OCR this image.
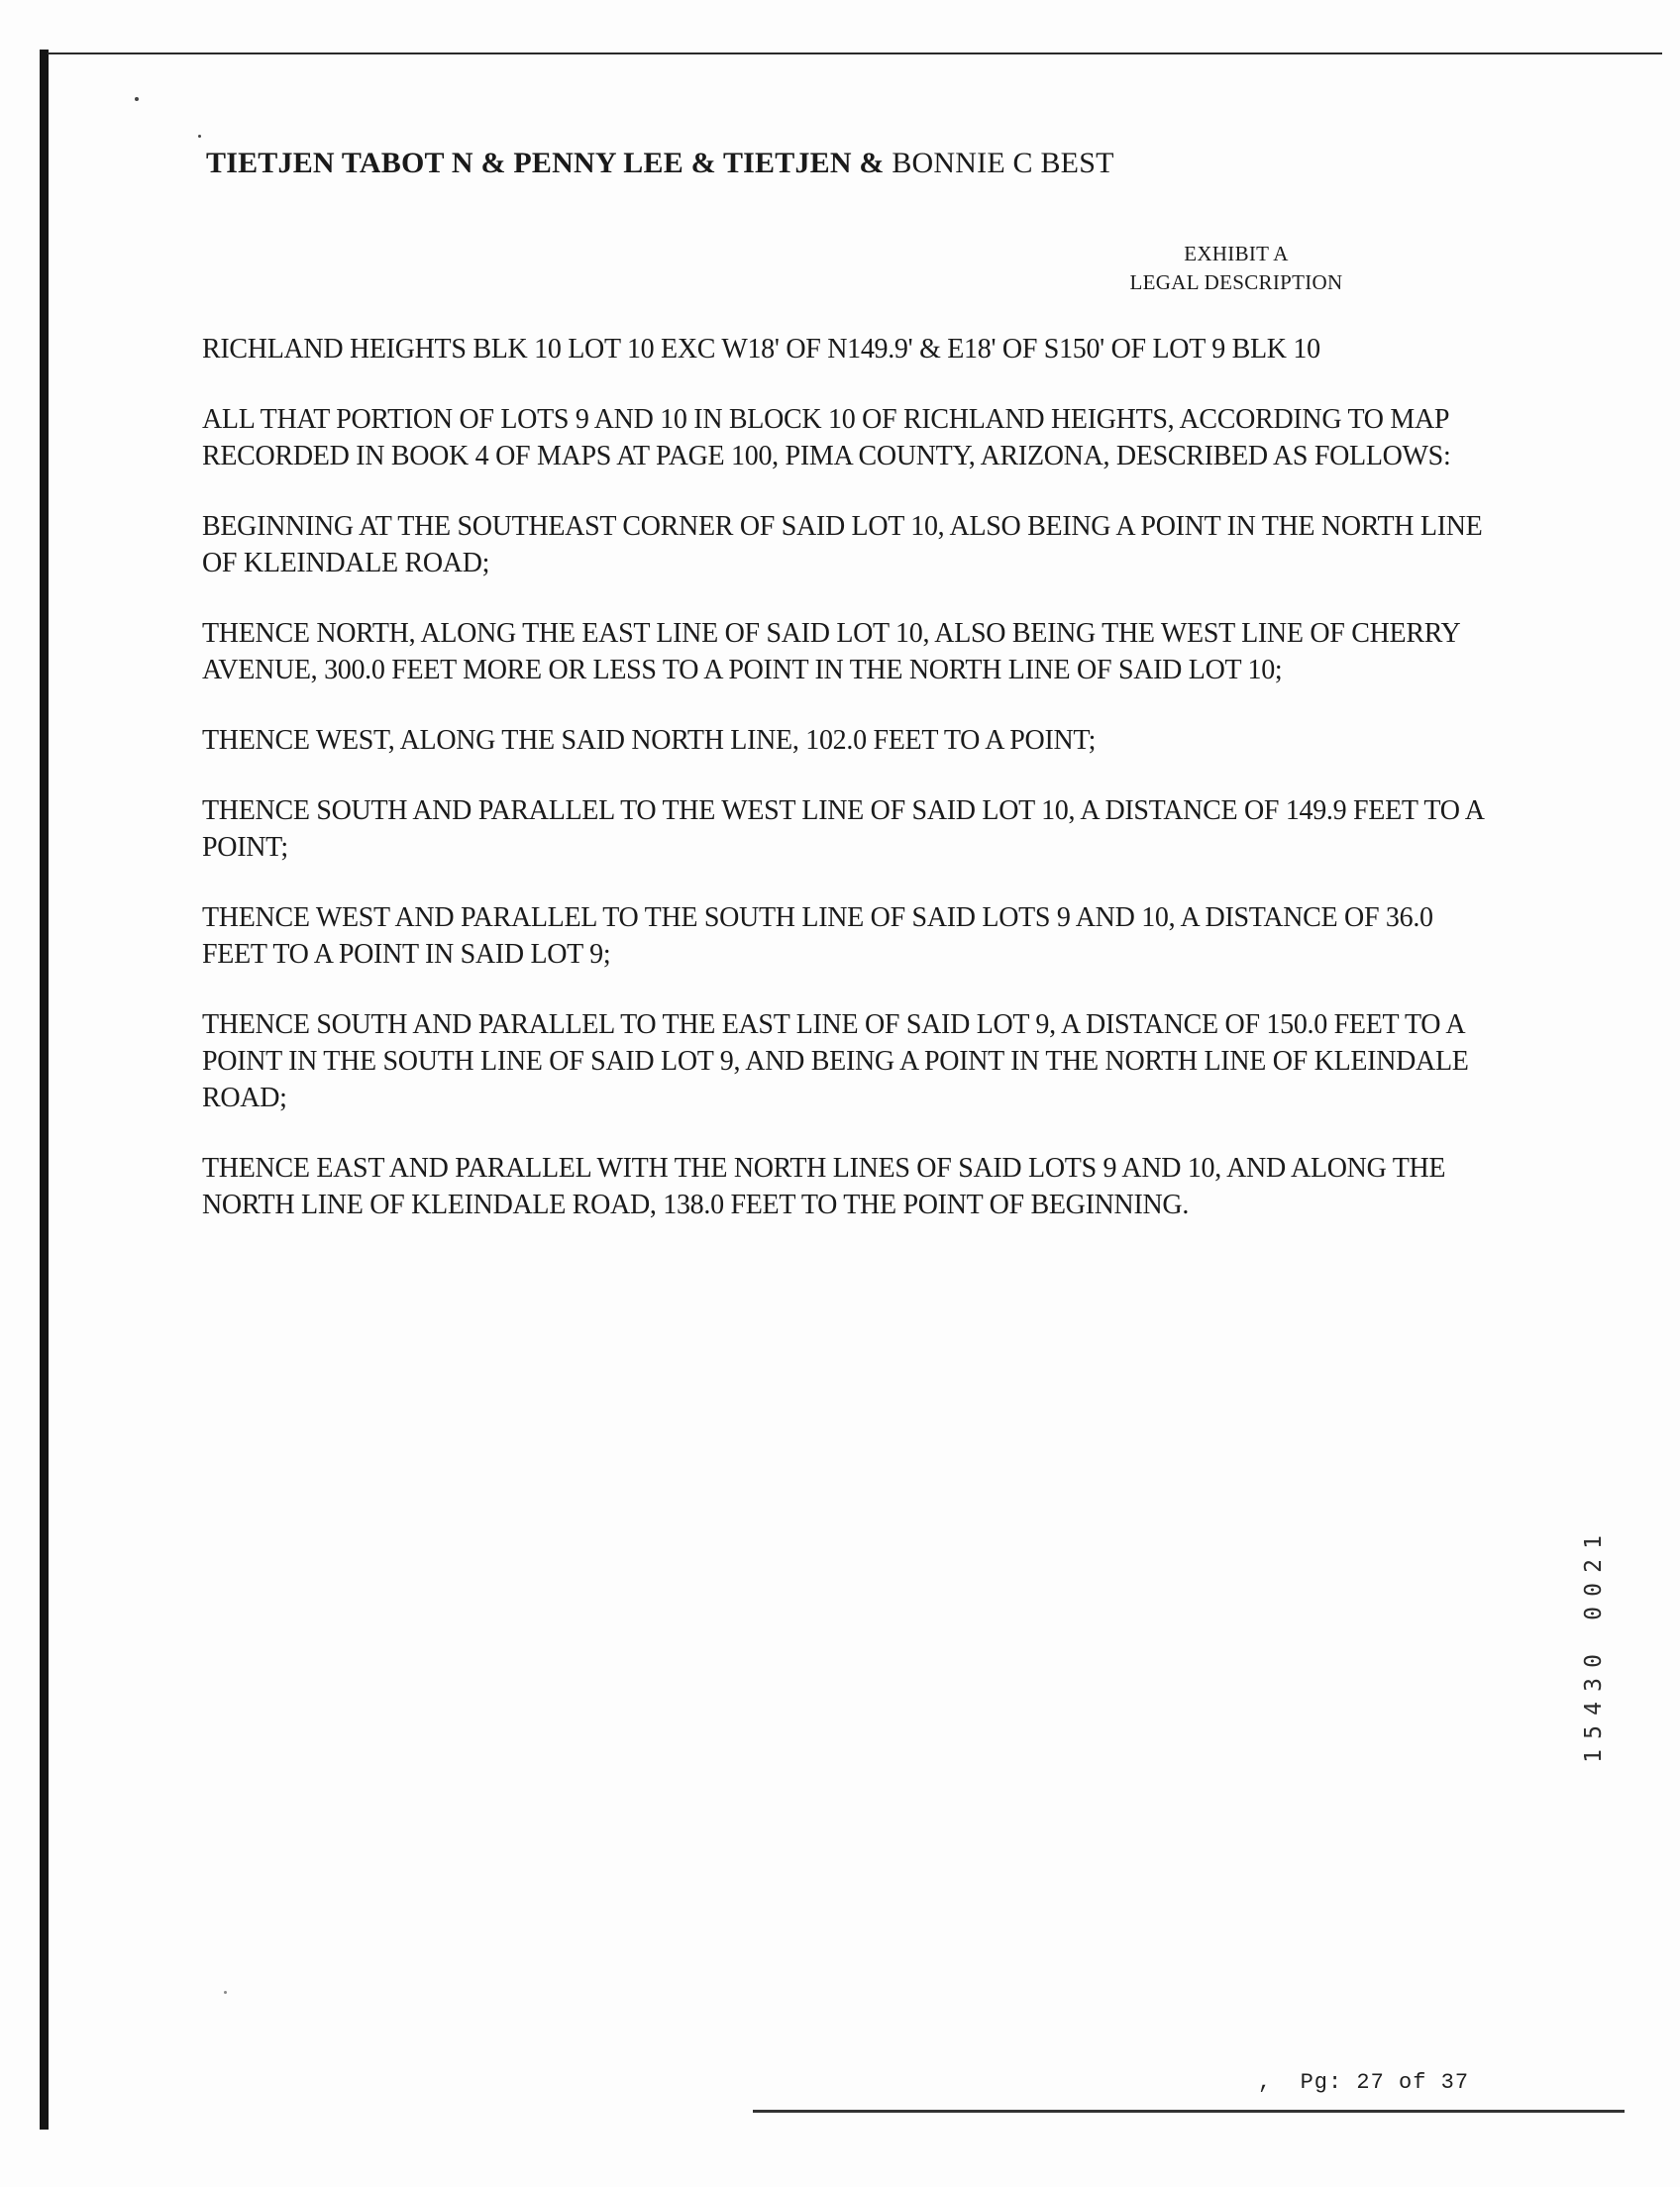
TIETJEN TABOT N & PENNY LEE & TIETJEN & BONNIE C BEST
EXHIBIT A
LEGAL DESCRIPTION

RICHLAND HEIGHTS BLK 10 LOT 10 EXC W18' OF N149.9' & E18' OF S150' OF LOT 9 BLK 10

ALL THAT PORTION OF LOTS 9 AND 10 IN BLOCK 10 OF RICHLAND HEIGHTS, ACCORDING TO MAP RECORDED IN BOOK 4 OF MAPS AT PAGE 100, PIMA COUNTY, ARIZONA, DESCRIBED AS FOLLOWS:

BEGINNING AT THE SOUTHEAST CORNER OF SAID LOT 10, ALSO BEING A POINT IN THE NORTH LINE OF KLEINDALE ROAD;

THENCE NORTH, ALONG THE EAST LINE OF SAID LOT 10, ALSO BEING THE WEST LINE OF CHERRY AVENUE, 300.0 FEET MORE OR LESS TO A POINT IN THE NORTH LINE OF SAID LOT 10;

THENCE WEST, ALONG THE SAID NORTH LINE, 102.0 FEET TO A POINT;

THENCE SOUTH AND PARALLEL TO THE WEST LINE OF SAID LOT 10, A DISTANCE OF 149.9 FEET TO A POINT;

THENCE WEST AND PARALLEL TO THE SOUTH LINE OF SAID LOTS 9 AND 10, A DISTANCE OF 36.0 FEET TO A POINT IN SAID LOT 9;

THENCE SOUTH AND PARALLEL TO THE EAST LINE OF SAID LOT 9, A DISTANCE OF 150.0 FEET TO A POINT IN THE SOUTH LINE OF SAID LOT 9, AND BEING A POINT IN THE NORTH LINE OF KLEINDALE ROAD;

THENCE EAST AND PARALLEL WITH THE NORTH LINES OF SAID LOTS 9 AND 10, AND ALONG THE NORTH LINE OF KLEINDALE ROAD, 138.0 FEET TO THE POINT OF BEGINNING.

1
2
0
0

0
3
4
5
1
,  Pg: 27 of 37
